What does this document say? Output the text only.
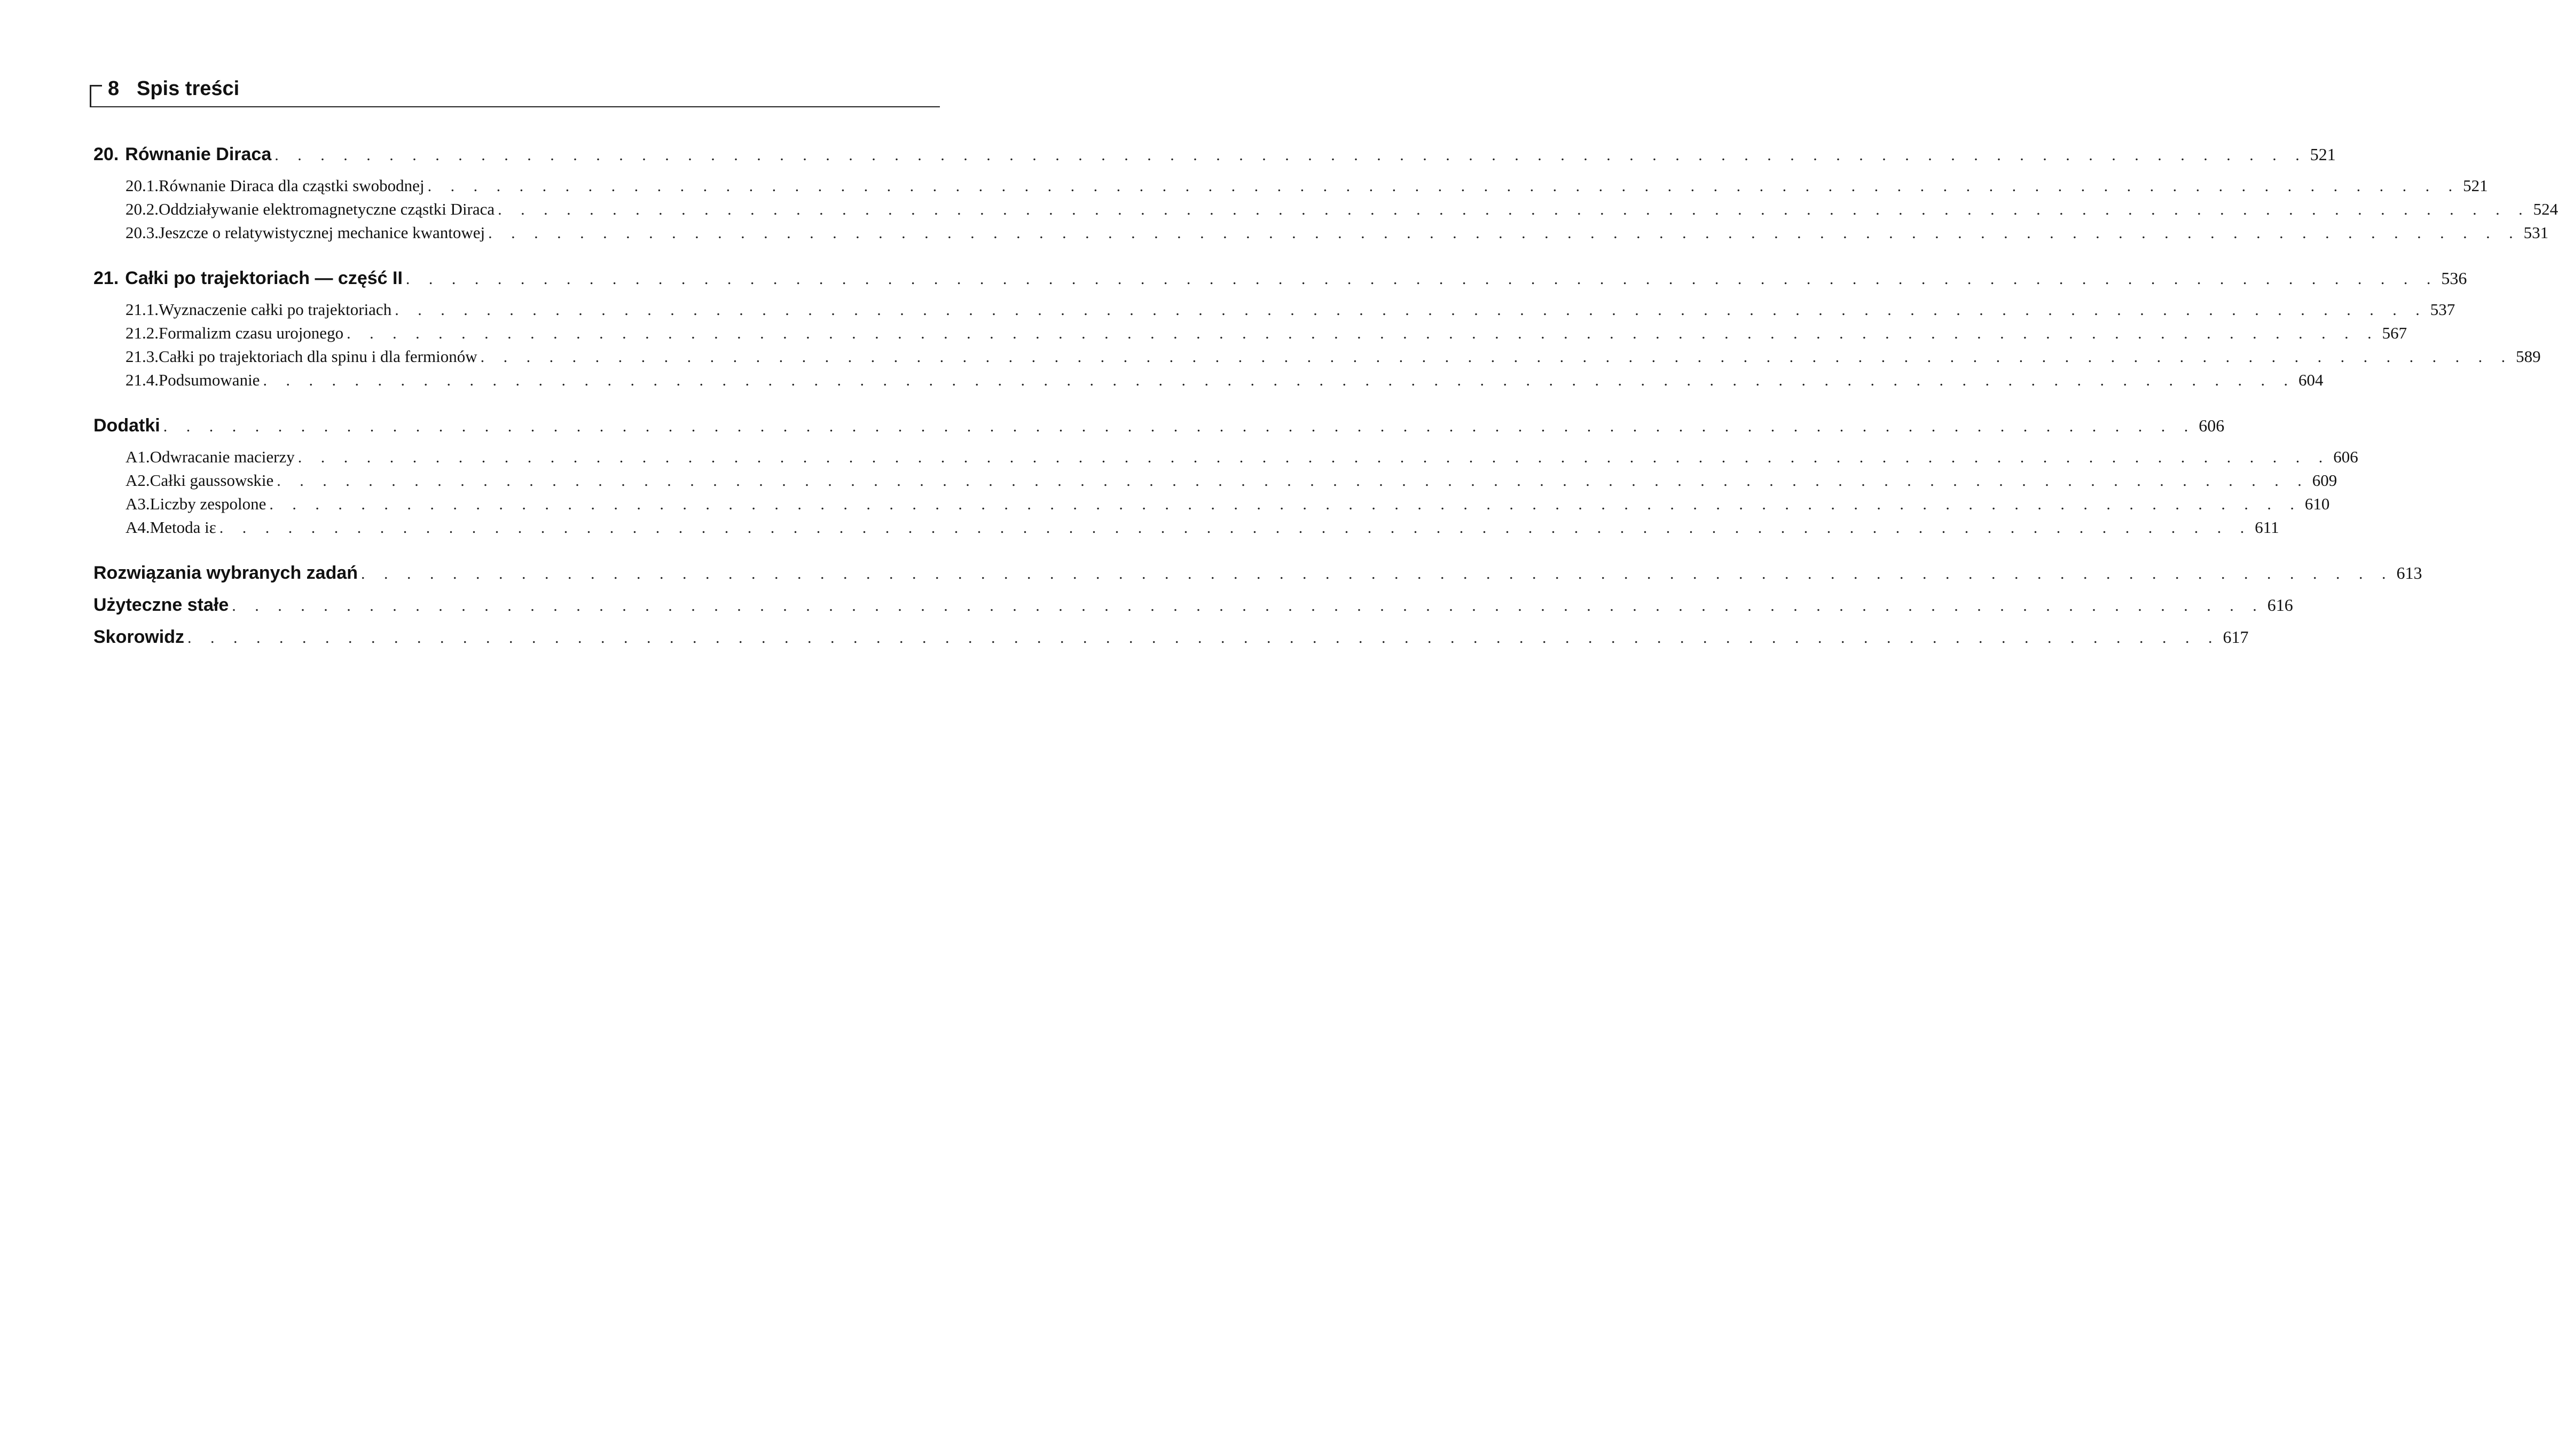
8 Spis treści
20. Równanie Diraca . . . . . . . . . . . . . . . . . . . . . . . . . . . . . . . . . . . . . . . . . . . . . . . . . . . . . . . . . . . . . . . . . . . . . . . . . . . . . . . . . . . . . . . . . 521
20.1. Równanie Diraca dla cząstki swobodnej . . . . . . . . . . . . . . . . . . . . . . . . . . . . . . . . . . . . . . . . . . . . . . . . . . . . . . . . . . . . . . . . . . . . . . . . . . . . . . . . . . . . . . . . . 521
20.2. Oddziaływanie elektromagnetyczne cząstki Diraca . . . . . . . . . . . . . . . . . . . . . . . . . . . . . . . . . . . . . . . . . . . . . . . . . . . . . . . . . . . . . . . . . . . . . . . . . . . . . . . . . . . . . . . . . 524
20.3. Jeszcze o relatywistycznej mechanice kwantowej . . . . . . . . . . . . . . . . . . . . . . . . . . . . . . . . . . . . . . . . . . . . . . . . . . . . . . . . . . . . . . . . . . . . . . . . . . . . . . . . . . . . . . . . . 531
21. Całki po trajektoriach — część II . . . . . . . . . . . . . . . . . . . . . . . . . . . . . . . . . . . . . . . . . . . . . . . . . . . . . . . . . . . . . . . . . . . . . . . . . . . . . . . . . . . . . . . . . 536
21.1. Wyznaczenie całki po trajektoriach . . . . . . . . . . . . . . . . . . . . . . . . . . . . . . . . . . . . . . . . . . . . . . . . . . . . . . . . . . . . . . . . . . . . . . . . . . . . . . . . . . . . . . . . . 537
21.2. Formalizm czasu urojonego . . . . . . . . . . . . . . . . . . . . . . . . . . . . . . . . . . . . . . . . . . . . . . . . . . . . . . . . . . . . . . . . . . . . . . . . . . . . . . . . . . . . . . . . . 567
21.3. Całki po trajektoriach dla spinu i dla fermionów . . . . . . . . . . . . . . . . . . . . . . . . . . . . . . . . . . . . . . . . . . . . . . . . . . . . . . . . . . . . . . . . . . . . . . . . . . . . . . . . . . . . . . . . . 589
21.4. Podsumowanie . . . . . . . . . . . . . . . . . . . . . . . . . . . . . . . . . . . . . . . . . . . . . . . . . . . . . . . . . . . . . . . . . . . . . . . . . . . . . . . . . . . . . . . . . 604
Dodatki . . . . . . . . . . . . . . . . . . . . . . . . . . . . . . . . . . . . . . . . . . . . . . . . . . . . . . . . . . . . . . . . . . . . . . . . . . . . . . . . . . . . . . . . . 606
A1. Odwracanie macierzy . . . . . . . . . . . . . . . . . . . . . . . . . . . . . . . . . . . . . . . . . . . . . . . . . . . . . . . . . . . . . . . . . . . . . . . . . . . . . . . . . . . . . . . . . 606
A2. Całki gaussowskie . . . . . . . . . . . . . . . . . . . . . . . . . . . . . . . . . . . . . . . . . . . . . . . . . . . . . . . . . . . . . . . . . . . . . . . . . . . . . . . . . . . . . . . . . 609
A3. Liczby zespolone . . . . . . . . . . . . . . . . . . . . . . . . . . . . . . . . . . . . . . . . . . . . . . . . . . . . . . . . . . . . . . . . . . . . . . . . . . . . . . . . . . . . . . . . . 610
A4. Metoda iε . . . . . . . . . . . . . . . . . . . . . . . . . . . . . . . . . . . . . . . . . . . . . . . . . . . . . . . . . . . . . . . . . . . . . . . . . . . . . . . . . . . . . . . . . 611
Rozwiązania wybranych zadań . . . . . . . . . . . . . . . . . . . . . . . . . . . . . . . . . . . . . . . . . . . . . . . . . . . . . . . . . . . . . . . . . . . . . . . . . . . . . . . . . . . . . . . . . 613
Użyteczne stałe . . . . . . . . . . . . . . . . . . . . . . . . . . . . . . . . . . . . . . . . . . . . . . . . . . . . . . . . . . . . . . . . . . . . . . . . . . . . . . . . . . . . . . . . . 616
Skorowidz . . . . . . . . . . . . . . . . . . . . . . . . . . . . . . . . . . . . . . . . . . . . . . . . . . . . . . . . . . . . . . . . . . . . . . . . . . . . . . . . . . . . . . . . . 617
